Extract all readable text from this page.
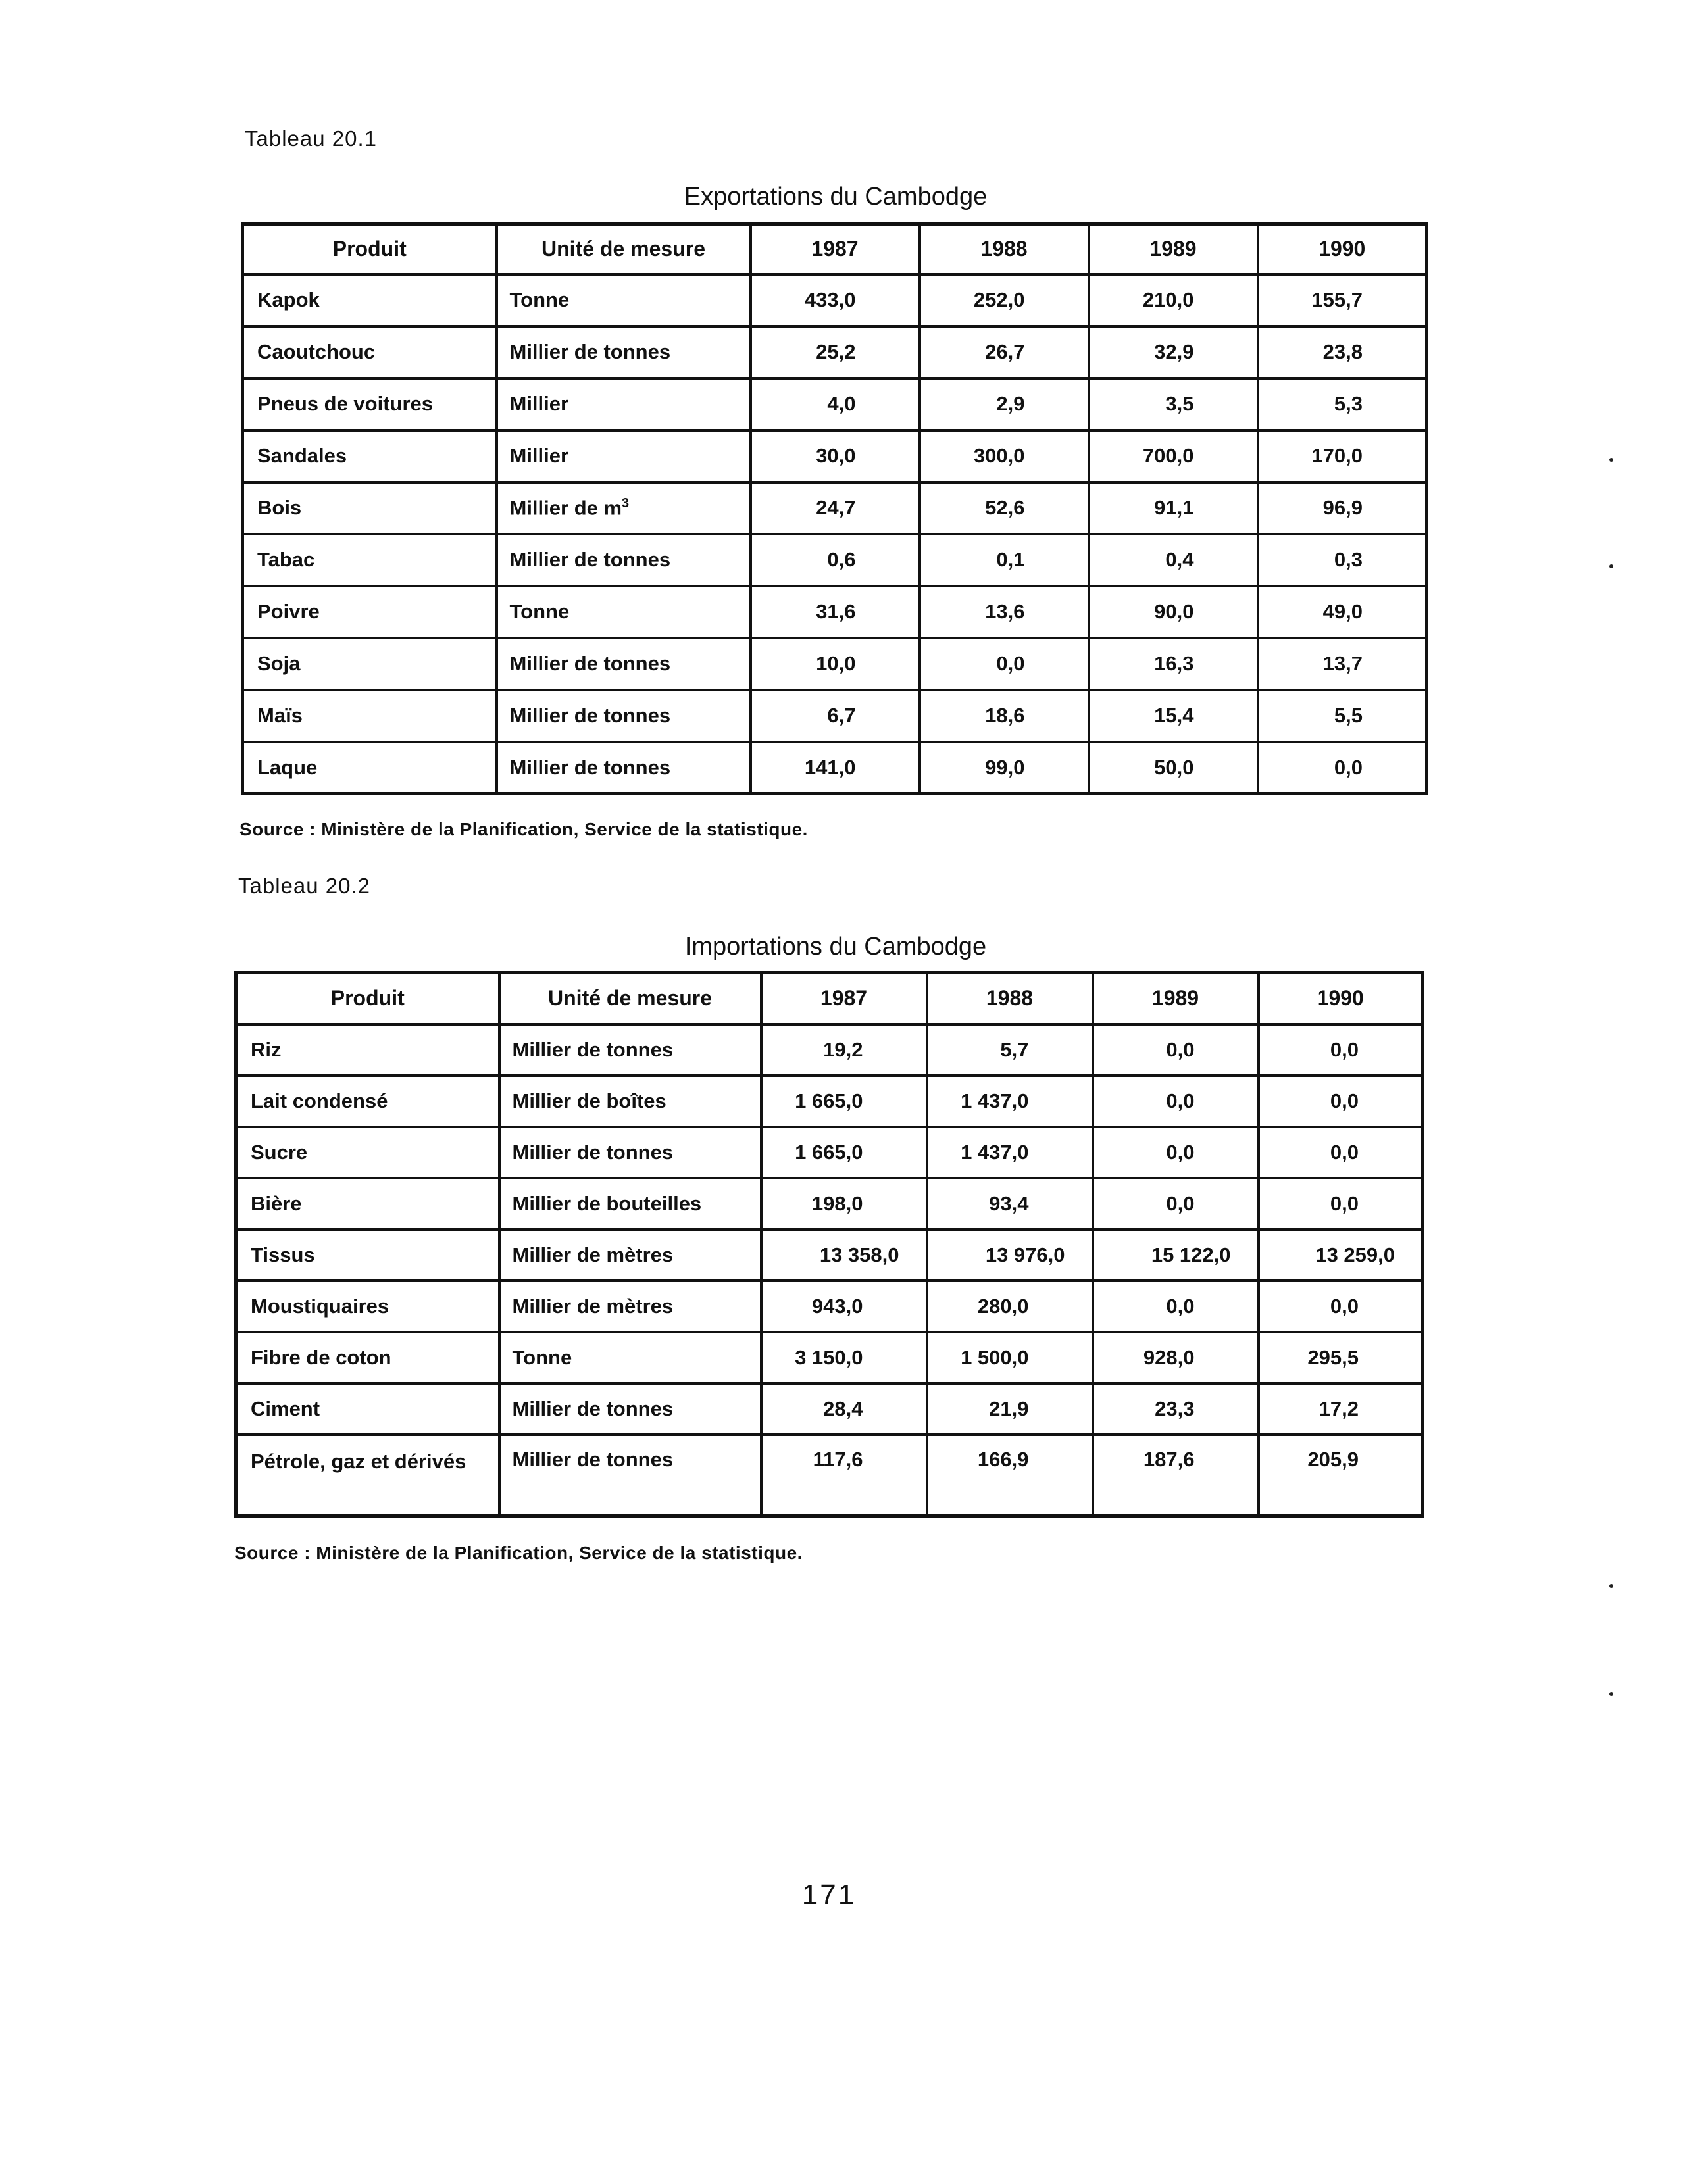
Tableau 20.1
Exportations du Cambodge
Produit	Unité de mesure	1987	1988	1989	1990
Kapok	Tonne	433,0	252,0	210,0	155,7
Caoutchouc	Millier de tonnes	25,2	26,7	32,9	23,8
Pneus de voitures	Millier	4,0	2,9	3,5	5,3
Sandales	Millier	30,0	300,0	700,0	170,0
Bois	Millier de $m^3$	24,7	52,6	91,1	96,9
Tabac	Millier de tonnes	0,6	0,1	0,4	0,3
Poivre	Tonne	31,6	13,6	90,0	49,0
Soja	Millier de tonnes	10,0	0,0	16,3	13,7
Maïs	Millier de tonnes	6,7	18,6	15,4	5,5
Laque	Millier de tonnes	141,0	99,0	50,0	0,0
Source : Ministère de la Planification, Service de la statistique.
Tableau 20.2
Importations du Cambodge
Produit	Unité de mesure	1987	1988	1989	1990
Riz	Millier de tonnes	19,2	5,7	0,0	0,0
Lait condensé	Millier de boîtes	1 665,0	1 437,0	0,0	0,0
Sucre	Millier de tonnes	1 665,0	1 437,0	0,0	0,0
Bière	Millier de bouteilles	198,0	93,4	0,0	0,0
Tissus	Millier de mètres	13 358,0	13 976,0	15 122,0	13 259,0
Moustiquaires	Millier de mètres	943,0	280,0	0,0	0,0
Fibre de coton	Tonne	3 150,0	1 500,0	928,0	295,5
Ciment	Millier de tonnes	28,4	21,9	23,3	17,2
Pétrole, gaz et dérivés	Millier de tonnes	117,6	166,9	187,6	205,9
Source : Ministère de la Planification, Service de la statistique.
171
